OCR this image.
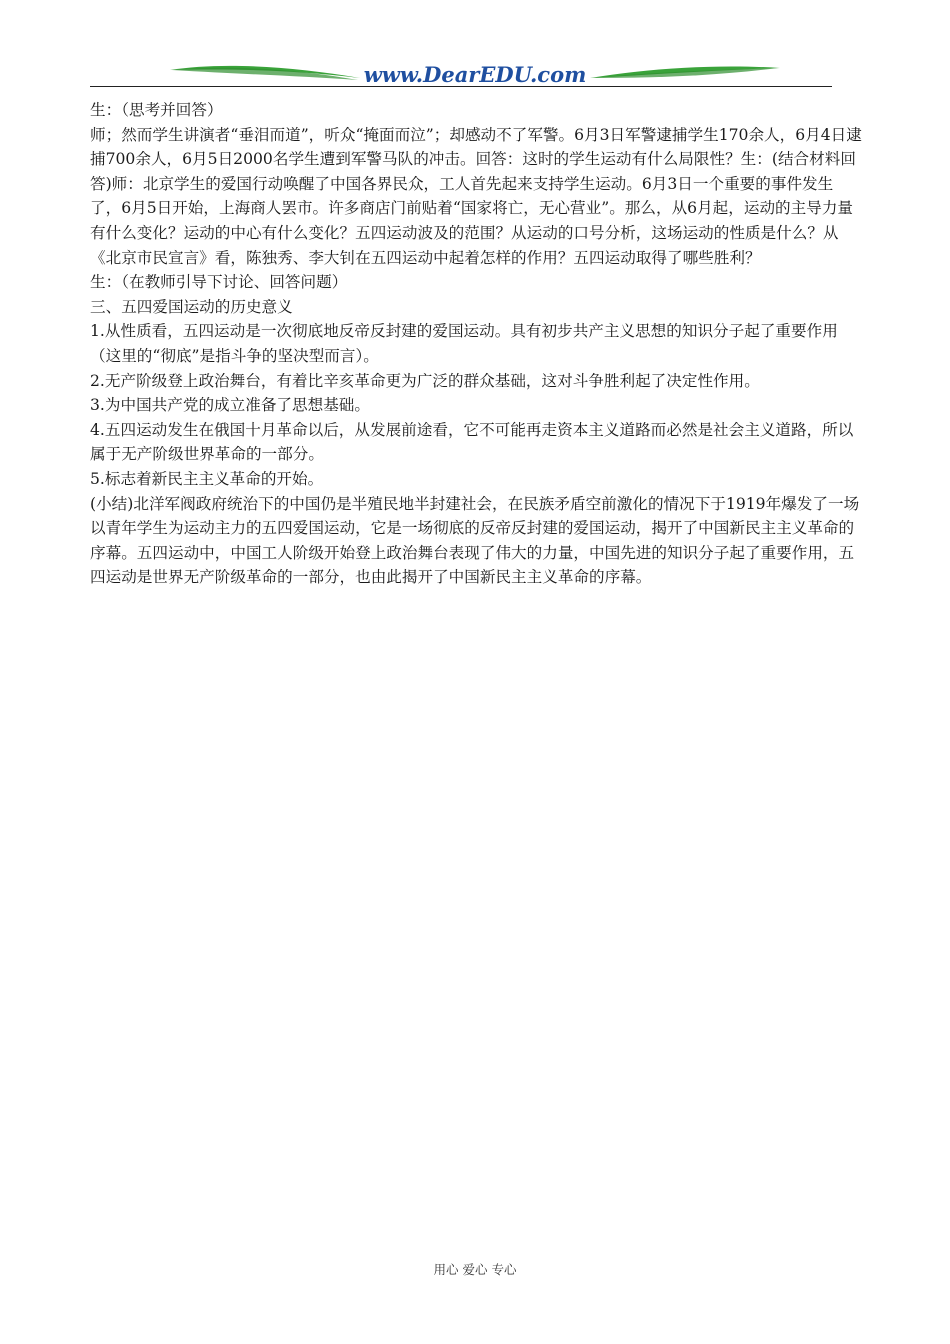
www.DearEDU.com

生：（思考并回答）

师；然而学生讲演者“垂泪而道”，听众“掩面而泣”；却感动不了军警。6月3日军警逮捕学生170余人，6月4日逮捕700余人，6月5日2000名学生遭到军警马队的冲击。回答：这时的学生运动有什么局限性？生：(结合材料回答)师：北京学生的爱国行动唤醒了中国各界民众，工人首先起来支持学生运动。6月3日一个重要的事件发生了，6月5日开始，上海商人罢市。许多商店门前贴着“国家将亡，无心营业”。那么，从6月起，运动的主导力量有什么变化？运动的中心有什么变化？五四运动波及的范围？从运动的口号分析，这场运动的性质是什么？从《北京市民宣言》看，陈独秀、李大钊在五四运动中起着怎样的作用？五四运动取得了哪些胜利？

生：（在教师引导下讨论、回答问题）

三、五四爱国运动的历史意义

1.从性质看，五四运动是一次彻底地反帝反封建的爱国运动。具有初步共产主义思想的知识分子起了重要作用（这里的“彻底”是指斗争的坚决型而言）。

2.无产阶级登上政治舞台，有着比辛亥革命更为广泛的群众基础，这对斗争胜利起了决定性作用。

3.为中国共产党的成立准备了思想基础。

4.五四运动发生在俄国十月革命以后，从发展前途看，它不可能再走资本主义道路而必然是社会主义道路，所以属于无产阶级世界革命的一部分。

5.标志着新民主主义革命的开始。

(小结)北洋军阀政府统治下的中国仍是半殖民地半封建社会，在民族矛盾空前激化的情况下于1919年爆发了一场以青年学生为运动主力的五四爱国运动，它是一场彻底的反帝反封建的爱国运动，揭开了中国新民主主义革命的序幕。五四运动中，中国工人阶级开始登上政治舞台表现了伟大的力量，中国先进的知识分子起了重要作用，五四运动是世界无产阶级革命的一部分，也由此揭开了中国新民主主义革命的序幕。

用心 爱心 专心
